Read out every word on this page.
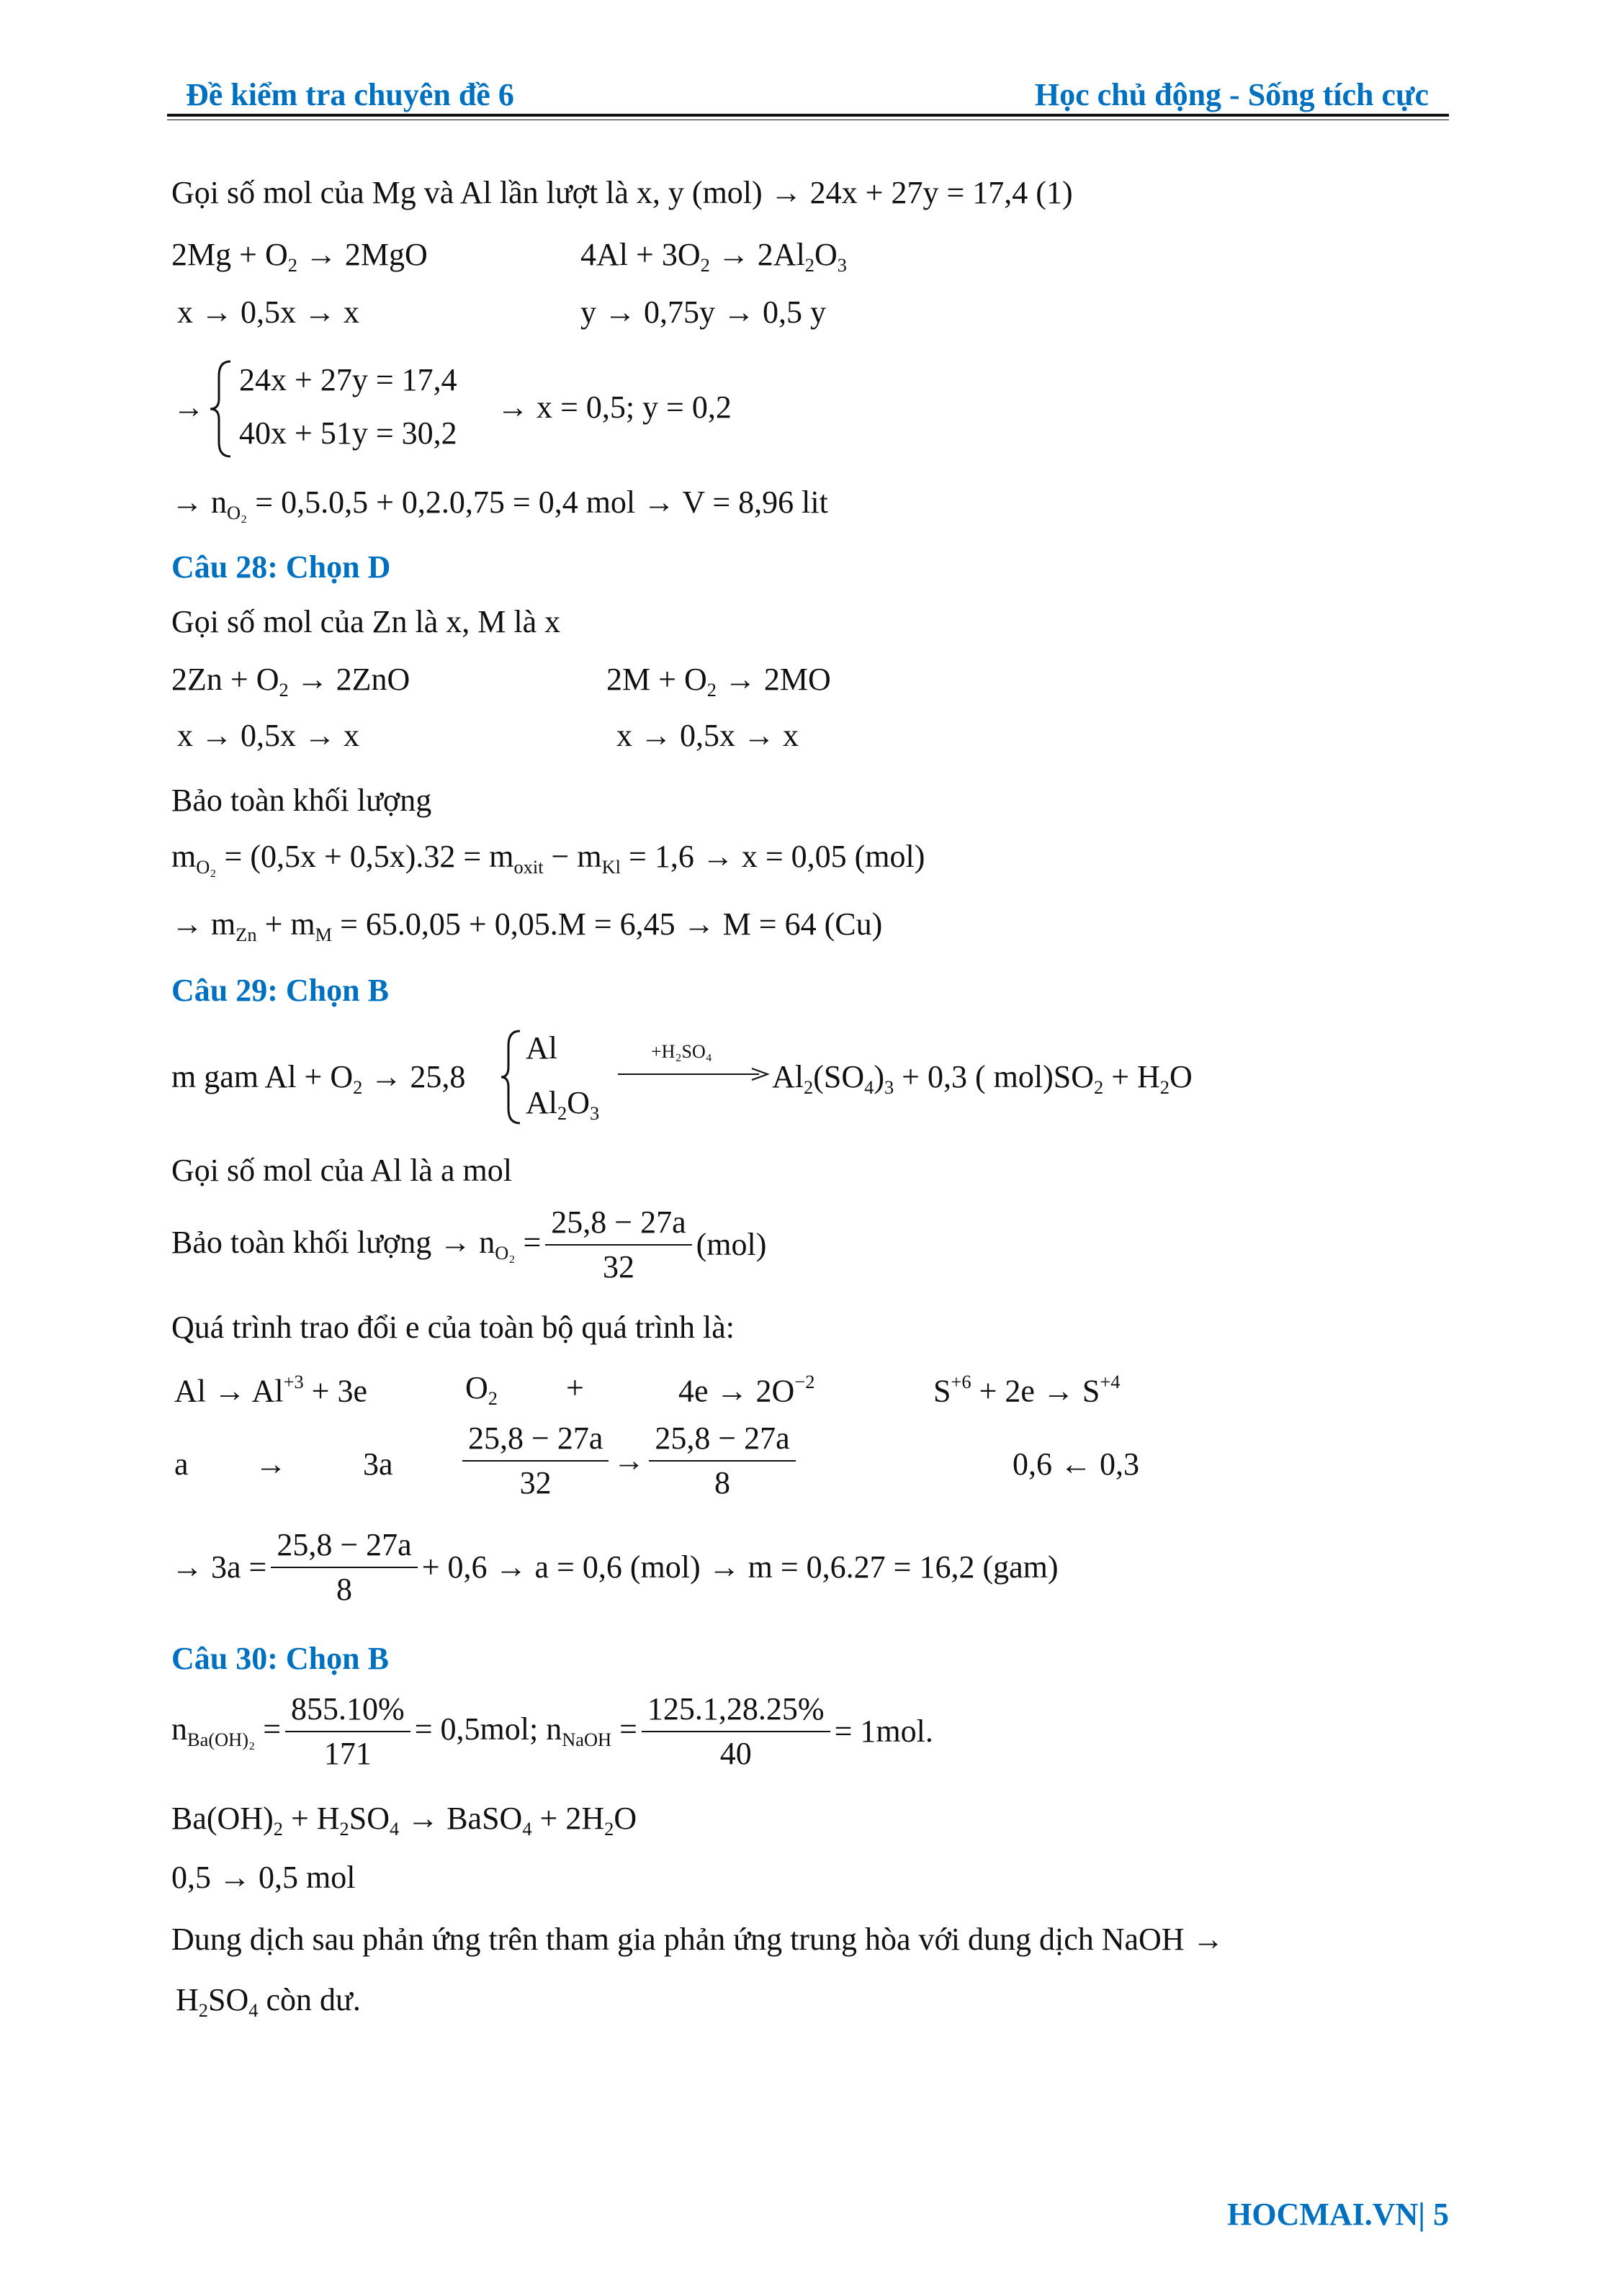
Đề kiểm tra chuyên đề 6	Học chủ động - Sống tích cực
Gọi số mol của Mg và Al lần lượt là x, y (mol) → 24x + 27y = 17,4 (1)
$2Mg + O_2 \to 2MgO$	$4Al + 3O_2 \to 2Al_2O_3$
x → 0,5x → x	y → 0,75y → 0,5 y
→
24x + 27y = 17,4
40x + 51y = 30,2
→ x = 0,5; y = 0,2
→ $n_{O_2} = 0,5.0,5 + 0,2.0,75 = 0,4$ mol → V = 8,96 lit
Câu 28: Chọn D
Gọi số mol của Zn là x, M là x
$2Zn + O_2 \to 2ZnO$	$2M + O_2 \to 2MO$
x → 0,5x → x	x → 0,5x → x
Bảo toàn khối lượng
$m_{O_2} = (0,5x + 0,5x).32 = m_{oxit} - m_{Kl} = 1,6 \to x = 0,05$ (mol)
→ $m_{Zn} + m_M = 65.0,05 + 0,05.M = 6,45 \to M = 64$ (Cu)
Câu 29: Chọn B
m gam $Al + O_2 \to 25,8$
Al
$Al_2O_3$
+H₂SO₄
$Al_2(SO_4)_3 + 0,3$ ( $mol)SO_2 + H_2O$
Gọi số mol của Al là a mol
Bảo toàn khối lượng → $n_{O_2} = \frac{25,8 - 27a}{32} (mol)$
Quá trình trao đổi e của toàn bộ quá trình là:
$Al \to Al^{+3} + 3e$	$O_2$ +	$4e \to 2O^{-2}$	$S^{+6} + 2e \to S^{+4}$
$a \to 3a \frac{25,8 - 27a}{32} \to \frac{25,8 - 27a}{8}$	0,6 ← 0,3
→ $3a = \frac{25,8 - 27a}{8} + 0,6 \to a = 0,6$ (mol) → m = 0,6.27 = 16,2 (gam)
Câu 30: Chọn B
$n_{Ba(OH)_2} = \frac{855.10\%}{171} = 0,5mol$; $n_{NaOH} = \frac{125.1,28.25\%}{40} = 1mol$.
$Ba(OH)_2 + H_2SO_4$ → BaSO$_4$ + $2H_2O$
0,5 → 0,5 mol
Dung dịch sau phản ứng trên tham gia phản ứng trung hòa với dung dịch NaOH →
$H_2SO_4$ còn dư.
HOCMAI.VN| 5
